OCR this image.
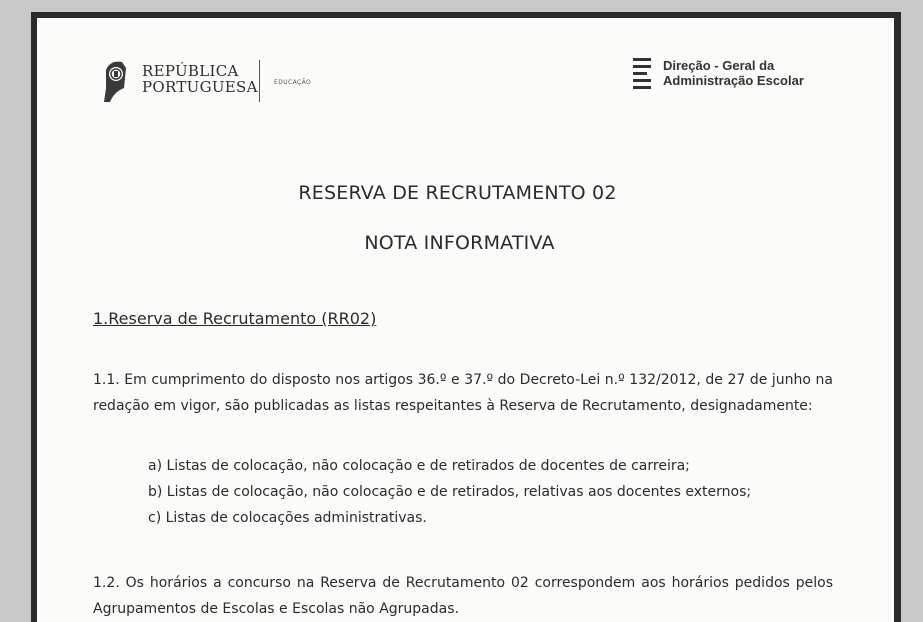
REPÚBLICA
PORTUGUESA	EDUCAÇÃO
Direção - Geral da
Administração Escolar
RESERVA DE RECRUTAMENTO 02
NOTA INFORMATIVA
1.Reserva de Recrutamento (RR02)
1.1. Em cumprimento do disposto nos artigos 36.º e 37.º do Decreto-Lei n.º 132/2012, de 27 de junho na redação em vigor, são publicadas as listas respeitantes à Reserva de Recrutamento, designadamente:
a) Listas de colocação, não colocação e de retirados de docentes de carreira;
b) Listas de colocação, não colocação e de retirados, relativas aos docentes externos;
c) Listas de colocações administrativas.
1.2. Os horários a concurso na Reserva de Recrutamento 02 correspondem aos horários pedidos pelos Agrupamentos de Escolas e Escolas não Agrupadas.
